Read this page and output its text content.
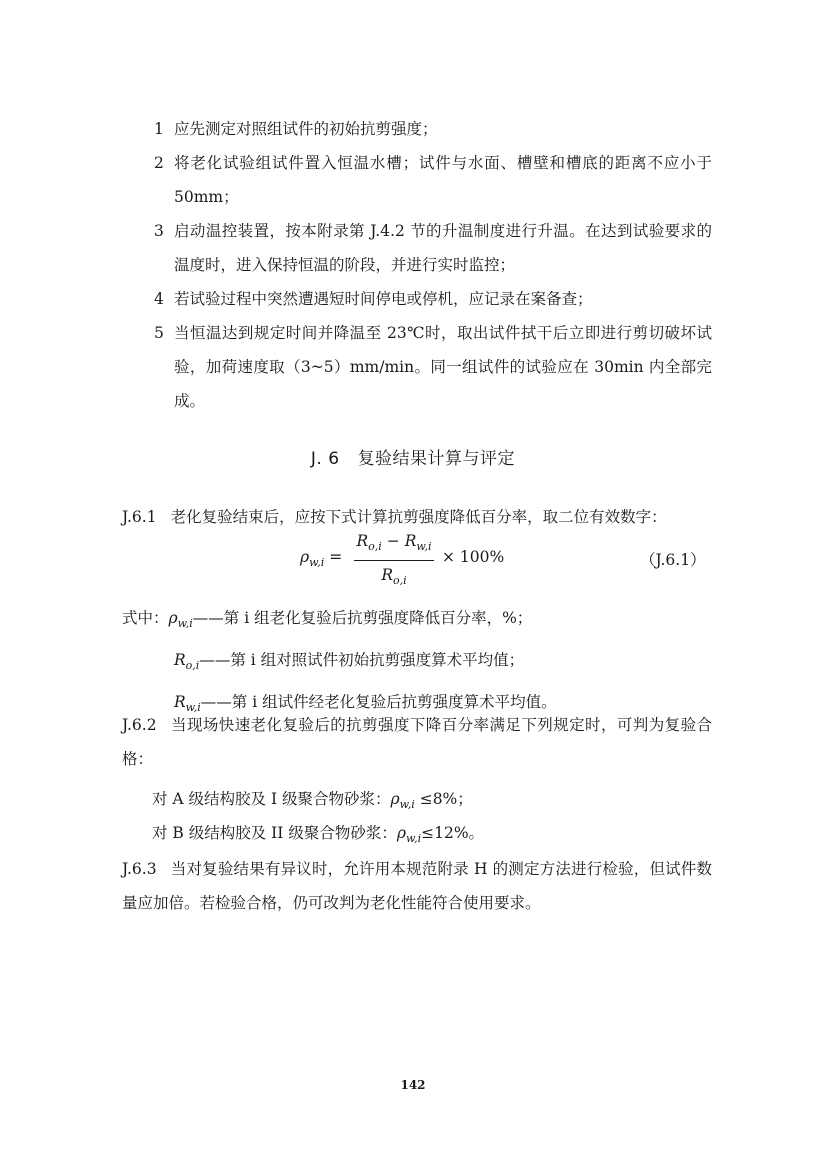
1 应先测定对照组试件的初始抗剪强度；

2 将老化试验组试件置入恒温水槽；试件与水面、槽壁和槽底的距离不应小于 50mm；

3 启动温控装置，按本附录第 J.4.2 节的升温制度进行升温。在达到试验要求的温度时，进入保持恒温的阶段，并进行实时监控；

4 若试验过程中突然遭遇短时间停电或停机，应记录在案备查；

5 当恒温达到规定时间并降温至 23℃时，取出试件拭干后立即进行剪切破坏试验，加荷速度取（3~5）mm/min。同一组试件的试验应在 30min 内全部完成。

J. 6 复验结果计算与评定
J.6.1 老化复验结束后，应按下式计算抗剪强度降低百分率，取二位有效数字：
$\rho_{w,i}$ =
$R_{o,i} - R_{w,i}$
$R_{o,i}$
× 100%	（J.6.1）
式中：$\rho_{w,i}——$第 i 组老化复验后抗剪强度降低百分率，%；
$R_{o,i}——$第 i 组对照试件初始抗剪强度算术平均值；
$R_{w,i}——$第 i 组试件经老化复验后抗剪强度算术平均值。
J.6.2 当现场快速老化复验后的抗剪强度下降百分率满足下列规定时，可判为复验合格：
对 A 级结构胶及 I 级聚合物砂浆：$\rho_{w,i} \le 8\%$；
对 B 级结构胶及 II 级聚合物砂浆：$\rho_{w,i}\le 12\%$。
J.6.3 当对复验结果有异议时，允许用本规范附录 H 的测定方法进行检验，但试件数量应加倍。若检验合格，仍可改判为老化性能符合使用要求。
142
